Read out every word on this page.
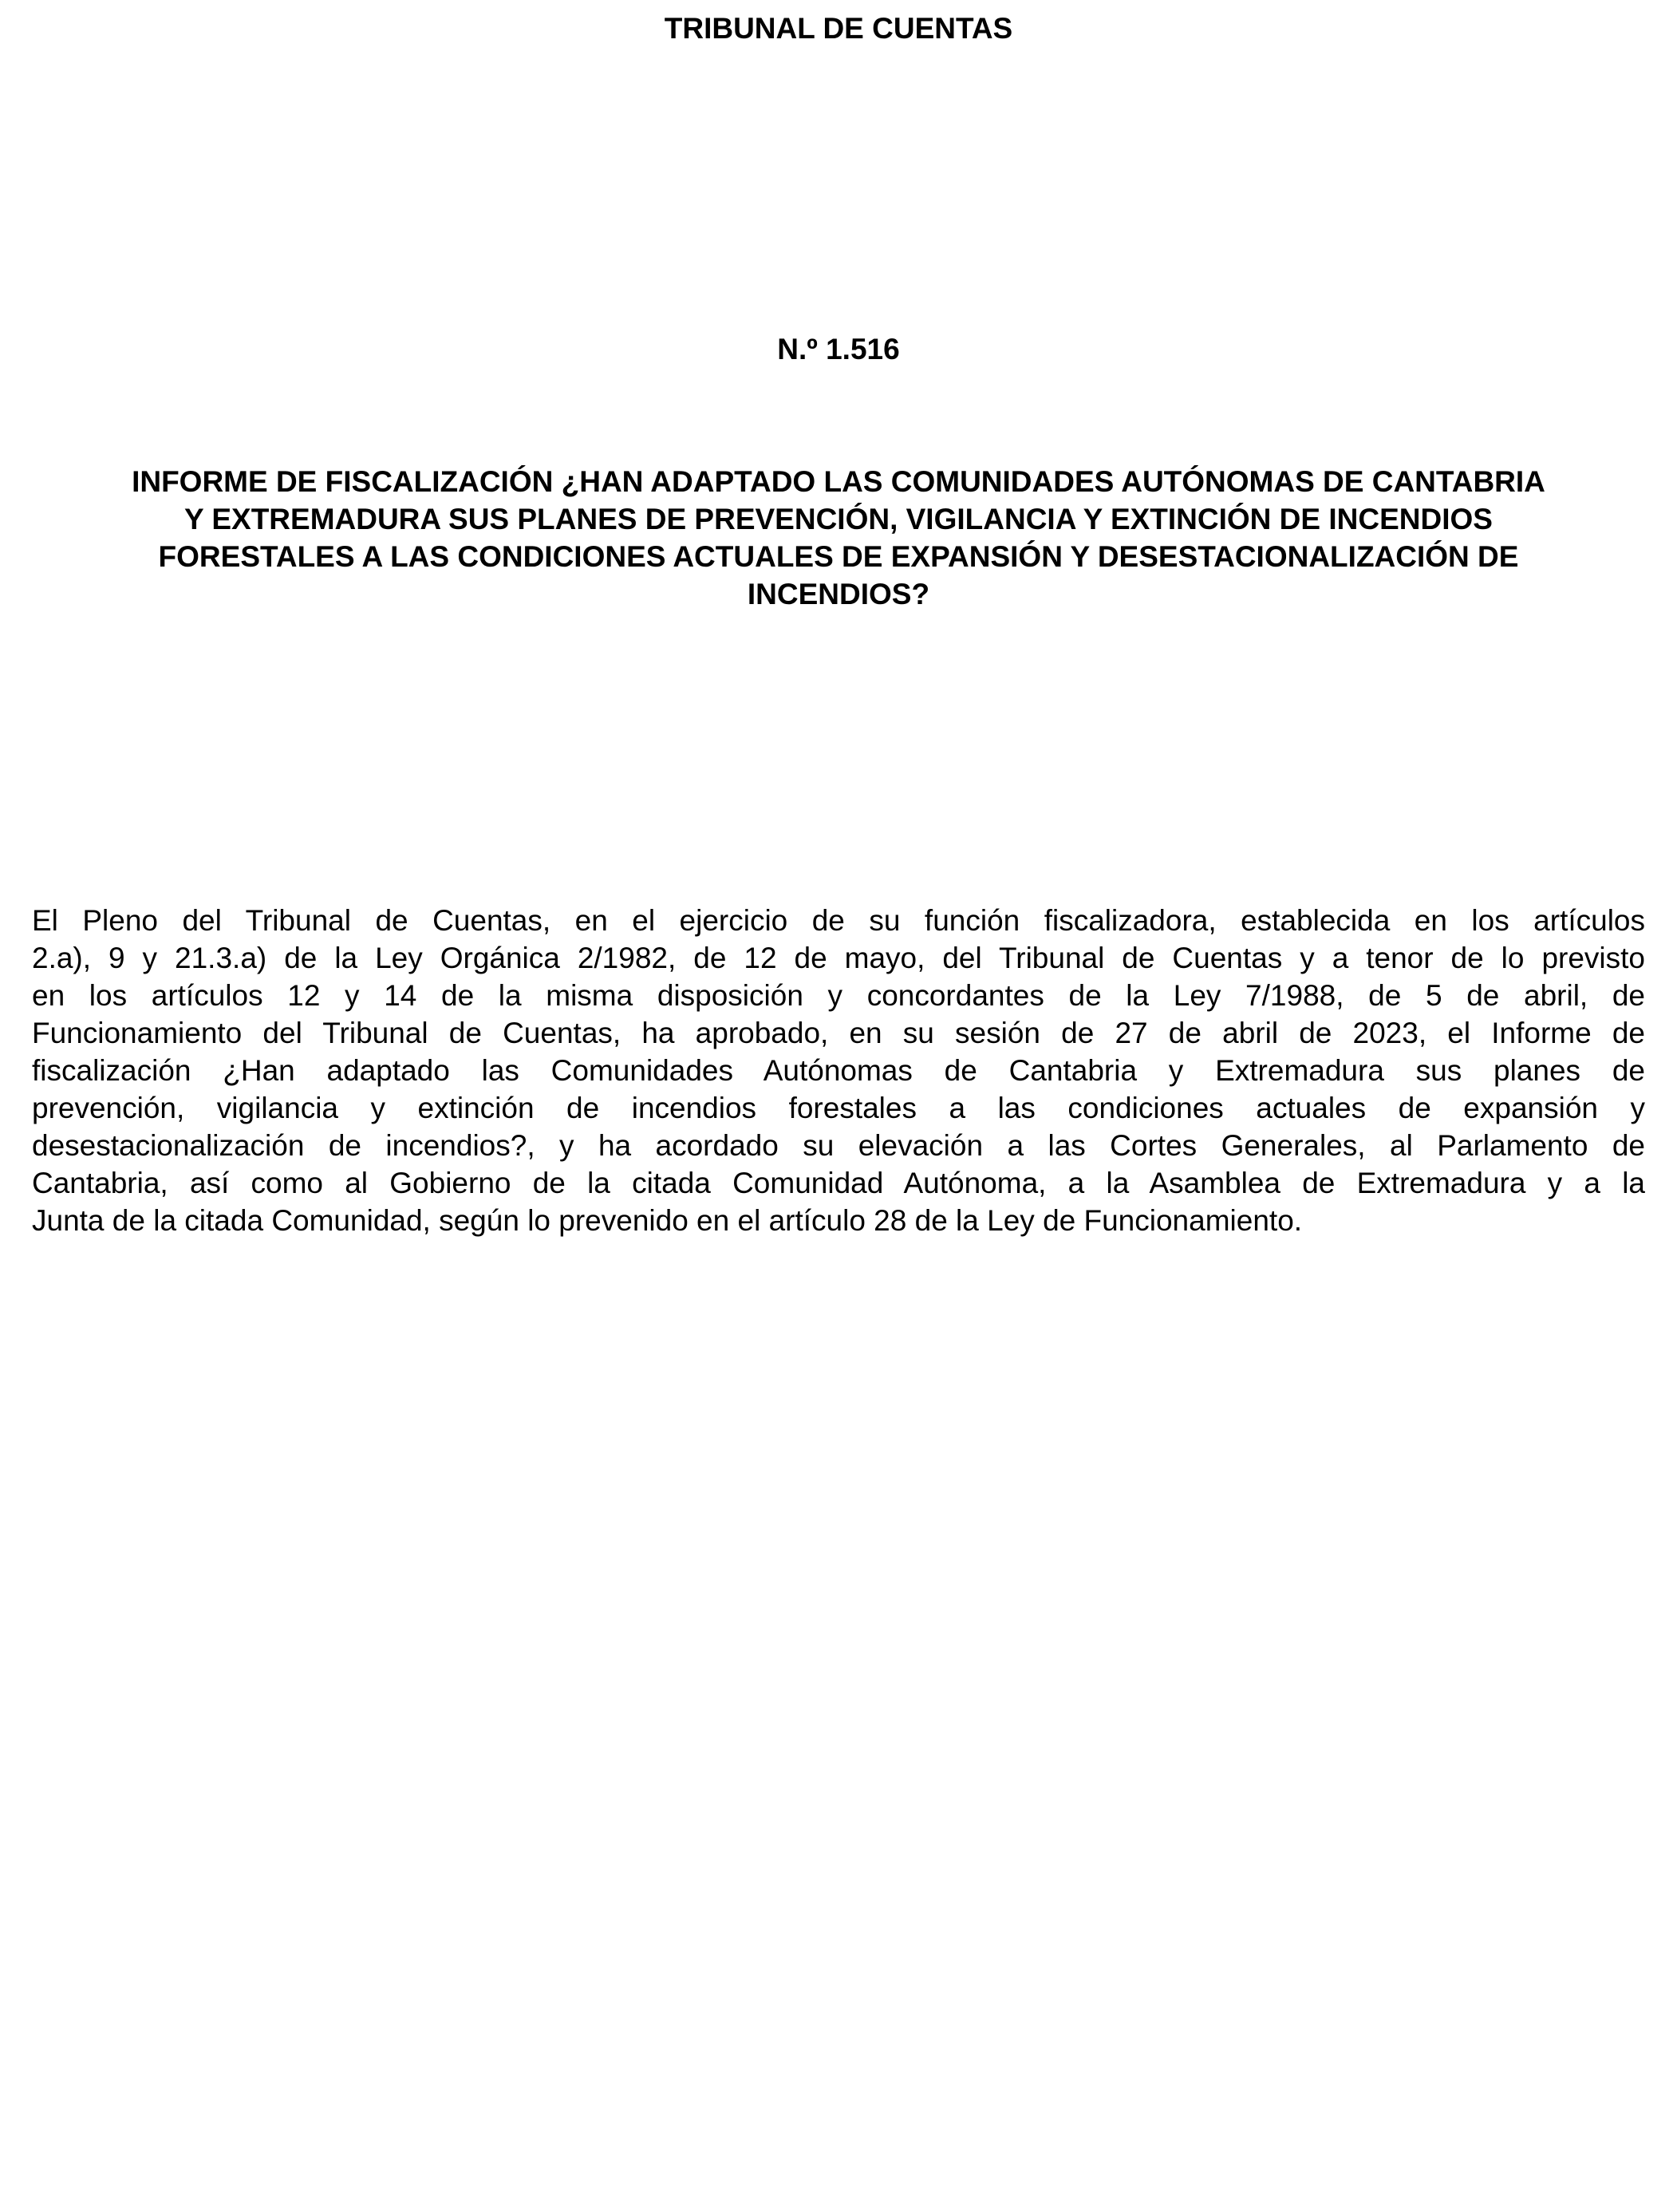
TRIBUNAL DE CUENTAS
N.º 1.516
INFORME DE FISCALIZACIÓN ¿HAN ADAPTADO LAS COMUNIDADES AUTÓNOMAS DE CANTABRIA
Y EXTREMADURA SUS PLANES DE PREVENCIÓN, VIGILANCIA Y EXTINCIÓN DE INCENDIOS
FORESTALES A LAS CONDICIONES ACTUALES DE EXPANSIÓN Y DESESTACIONALIZACIÓN DE
INCENDIOS?

El Pleno del Tribunal de Cuentas, en el ejercicio de su función fiscalizadora, establecida en los artículos
2.a), 9 y 21.3.a) de la Ley Orgánica 2/1982, de 12 de mayo, del Tribunal de Cuentas y a tenor de lo previsto
en los artículos 12 y 14 de la misma disposición y concordantes de la Ley 7/1988, de 5 de abril, de
Funcionamiento del Tribunal de Cuentas, ha aprobado, en su sesión de 27 de abril de 2023, el Informe de
fiscalización ¿Han adaptado las Comunidades Autónomas de Cantabria y Extremadura sus planes de
prevención, vigilancia y extinción de incendios forestales a las condiciones actuales de expansión y
desestacionalización de incendios?, y ha acordado su elevación a las Cortes Generales, al Parlamento de
Cantabria, así como al Gobierno de la citada Comunidad Autónoma, a la Asamblea de Extremadura y a la
Junta de la citada Comunidad, según lo prevenido en el artículo 28 de la Ley de Funcionamiento.
